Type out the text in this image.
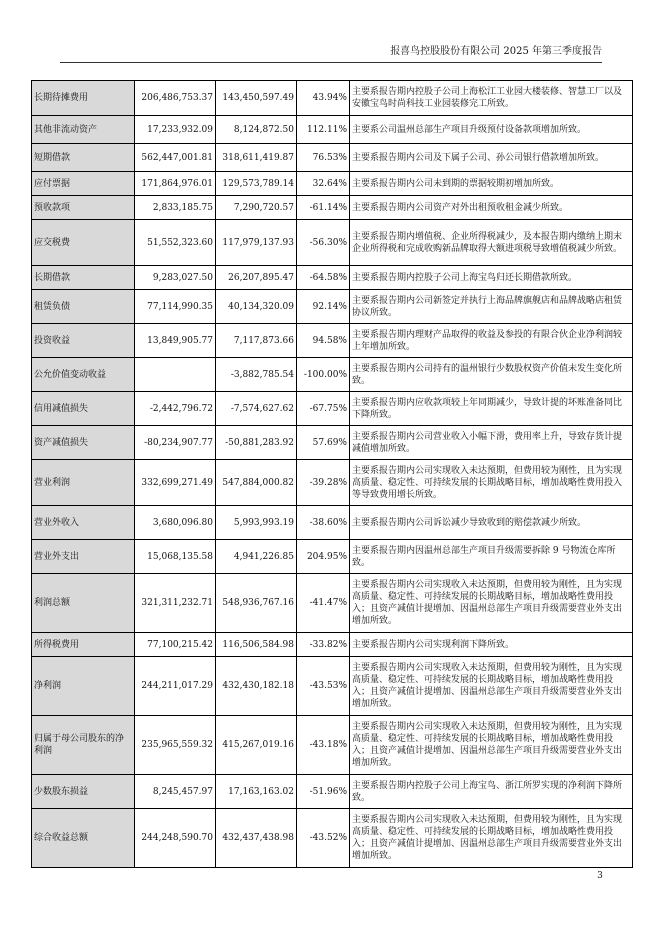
报喜鸟控股股份有限公司 2025 年第三季度报告
长期待摊费用	206,486,753.37	143,450,597.49	43.94%	主要系报告期内控股子公司上海松江工业园大楼装修、智慧工厂以及安徽宝鸟时尚科技工业园装修完工所致。
其他非流动资产	17,233,932.09	8,124,872.50	112.11%	主要系公司温州总部生产项目升级预付设备款项增加所致。
短期借款	562,447,001.81	318,611,419.87	76.53%	主要系报告期内公司及下属子公司、孙公司银行借款增加所致。
应付票据	171,864,976.01	129,573,789.14	32.64%	主要系报告期内公司未到期的票据较期初增加所致。
预收款项	2,833,185.75	7,290,720.57	-61.14%	主要系报告期内公司资产对外出租预收租金减少所致。
应交税费	51,552,323.60	117,979,137.93	-56.30%	主要系报告期内增值税、企业所得税减少，及本报告期内缴纳上期末企业所得税和完成收购新品牌取得大额进项税导致增值税减少所致。
长期借款	9,283,027.50	26,207,895.47	-64.58%	主要系报告期内控股子公司上海宝鸟归还长期借款所致。
租赁负债	77,114,990.35	40,134,320.09	92.14%	主要系报告期内公司新签定并执行上海品牌旗舰店和品牌战略店租赁协议所致。
投资收益	13,849,905.77	7,117,873.66	94.58%	主要系报告期内理财产品取得的收益及参投的有限合伙企业净利润较上年增加所致。
公允价值变动收益		-3,882,785.54	-100.00%	主要系报告期内公司持有的温州银行少数股权资产价值未发生变化所致。
信用减值损失	-2,442,796.72	-7,574,627.62	-67.75%	主要系报告期内应收款项较上年同期减少，导致计提的坏账准备同比下降所致。
资产减值损失	-80,234,907.77	-50,881,283.92	57.69%	主要系报告期内公司营业收入小幅下滑，费用率上升，导致存货计提减值增加所致。
营业利润	332,699,271.49	547,884,000.82	-39.28%	主要系报告期内公司实现收入未达预期，但费用较为刚性，且为实现高质量、稳定性、可持续发展的长期战略目标，增加战略性费用投入等导致费用增长所致。
营业外收入	3,680,096.80	5,993,993.19	-38.60%	主要系报告期内公司诉讼减少导致收到的赔偿款减少所致。
营业外支出	15,068,135.58	4,941,226.85	204.95%	主要系报告期内因温州总部生产项目升级需要拆除 9 号物流仓库所致。
利润总额	321,311,232.71	548,936,767.16	-41.47%	主要系报告期内公司实现收入未达预期，但费用较为刚性，且为实现高质量、稳定性、可持续发展的长期战略目标，增加战略性费用投入；且资产减值计提增加、因温州总部生产项目升级需要营业外支出增加所致。
所得税费用	77,100,215.42	116,506,584.98	-33.82%	主要系报告期内公司实现利润下降所致。
净利润	244,211,017.29	432,430,182.18	-43.53%	主要系报告期内公司实现收入未达预期，但费用较为刚性，且为实现高质量、稳定性、可持续发展的长期战略目标，增加战略性费用投入；且资产减值计提增加、因温州总部生产项目升级需要营业外支出增加所致。
归属于母公司股东的净利润	235,965,559.32	415,267,019.16	-43.18%	主要系报告期内公司实现收入未达预期，但费用较为刚性，且为实现高质量、稳定性、可持续发展的长期战略目标，增加战略性费用投入；且资产减值计提增加、因温州总部生产项目升级需要营业外支出增加所致。
少数股东损益	8,245,457.97	17,163,163.02	-51.96%	主要系报告期内控股子公司上海宝鸟、浙江所罗实现的净利润下降所致。
综合收益总额	244,248,590.70	432,437,438.98	-43.52%	主要系报告期内公司实现收入未达预期，但费用较为刚性，且为实现高质量、稳定性、可持续发展的长期战略目标，增加战略性费用投入；且资产减值计提增加、因温州总部生产项目升级需要营业外支出增加所致。
3
